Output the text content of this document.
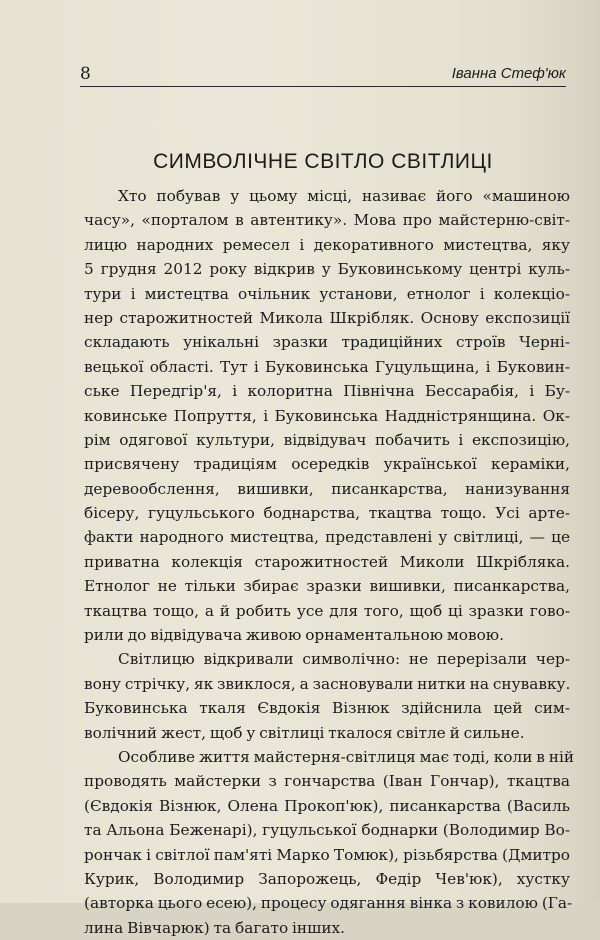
8	Іванна Стеф'юк
СИМВОЛІЧНЕ СВІТЛО СВІТЛИЦІ
Хто побував у цьому місці, називає його «машиною
часу», «порталом в автентику». Мова про майстерню-світ-
лицю народних ремесел і декоративного мистецтва, яку
5 грудня 2012 року відкрив у Буковинському центрі куль-
тури і мистецтва очільник установи, етнолог і колекціо-
нер старожитностей Микола Шкрібляк. Основу експозиції
складають унікальні зразки традиційних строїв Черні-
вецької області. Тут і Буковинська Гуцульщина, і Буковин-
ське Передгір'я, і колоритна Північна Бессарабія, і Бу-
ковинське Попруття, і Буковинська Наддністрянщина. Ок-
рім одягової культури, відвідувач побачить і експозицію,
присвячену традиціям осередків української кераміки,
деревообслення, вишивки, писанкарства, нанизування
бісеру, гуцульського боднарства, ткацтва тощо. Усі арте-
факти народного мистецтва, представлені у світлиці, — це
приватна колекція старожитностей Миколи Шкрібляка.
Етнолог не тільки збирає зразки вишивки, писанкарства,
ткацтва тощо, а й робить усе для того, щоб ці зразки гово-
рили до відвідувача живою орнаментальною мовою.
Світлицю відкривали символічно: не перерізали чер-
вону стрічку, як звиклося, а засновували нитки на снувавку.
Буковинська ткаля Євдокія Візнюк здійснила цей сим-
волічний жест, щоб у світлиці ткалося світле й сильне.
Особливе життя майстерня-світлиця має тоді, коли в ній
проводять майстерки з гончарства (Іван Гончар), ткацтва
(Євдокія Візнюк, Олена Прокоп'юк), писанкарства (Василь
та Альона Беженарі), гуцульської боднарки (Володимир Во-
рончак і світлої пам'яті Марко Томюк), різьбярства (Дмитро
Курик, Володимир Запорожець, Федір Чев'юк), хустку
(авторка цього есею), процесу одягання вінка з ковилою (Га-
лина Вівчарюк) та багато інших.
